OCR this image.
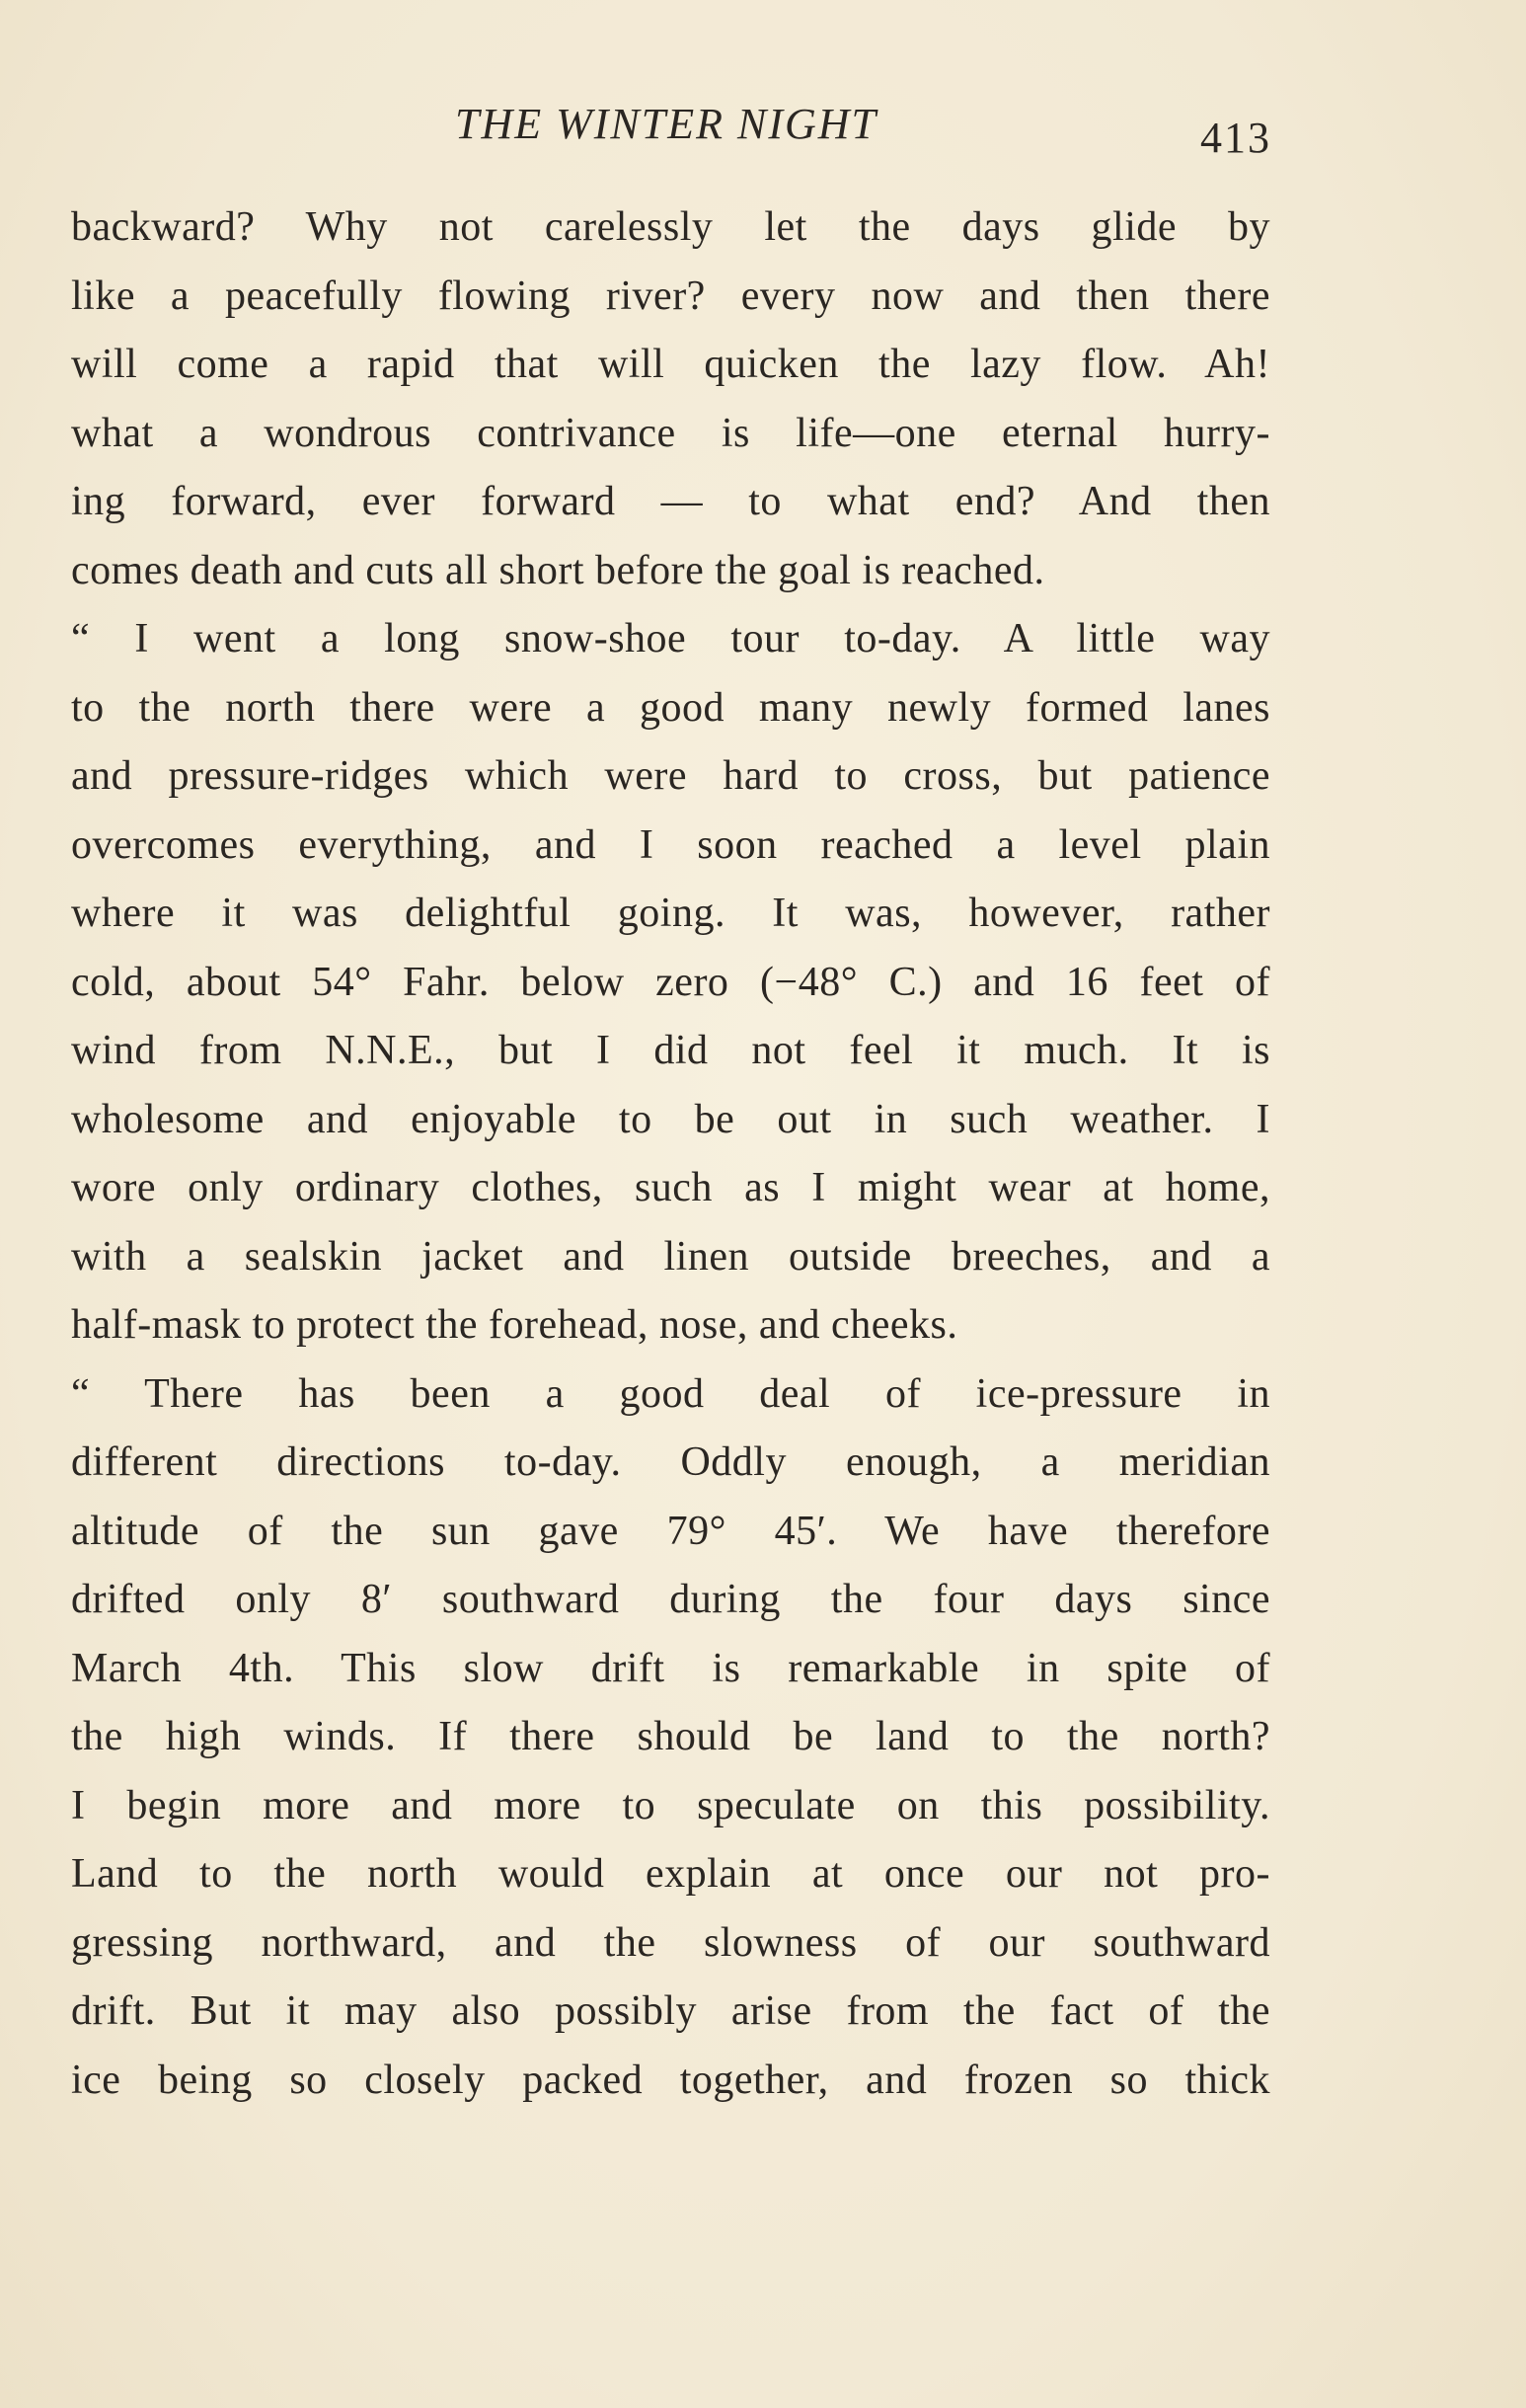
THE WINTER NIGHT	413
backward? Why not carelessly let the days glide by
like a peacefully flowing river? every now and then there
will come a rapid that will quicken the lazy flow. Ah!
what a wondrous contrivance is life—one eternal hurry-
ing forward, ever forward — to what end? And then
comes death and cuts all short before the goal is reached.
“ I went a long snow-shoe tour to-day. A little way
to the north there were a good many newly formed lanes
and pressure-ridges which were hard to cross, but patience
overcomes everything, and I soon reached a level plain
where it was delightful going. It was, however, rather
cold, about 54° Fahr. below zero (−48° C.) and 16 feet of
wind from N.N.E., but I did not feel it much. It is
wholesome and enjoyable to be out in such weather. I
wore only ordinary clothes, such as I might wear at home,
with a sealskin jacket and linen outside breeches, and a
half-mask to protect the forehead, nose, and cheeks.
“ There has been a good deal of ice-pressure in
different directions to-day. Oddly enough, a meridian
altitude of the sun gave 79° 45′. We have therefore
drifted only 8′ southward during the four days since
March 4th. This slow drift is remarkable in spite of
the high winds. If there should be land to the north?
I begin more and more to speculate on this possibility.
Land to the north would explain at once our not pro-
gressing northward, and the slowness of our southward
drift. But it may also possibly arise from the fact of the
ice being so closely packed together, and frozen so thick
